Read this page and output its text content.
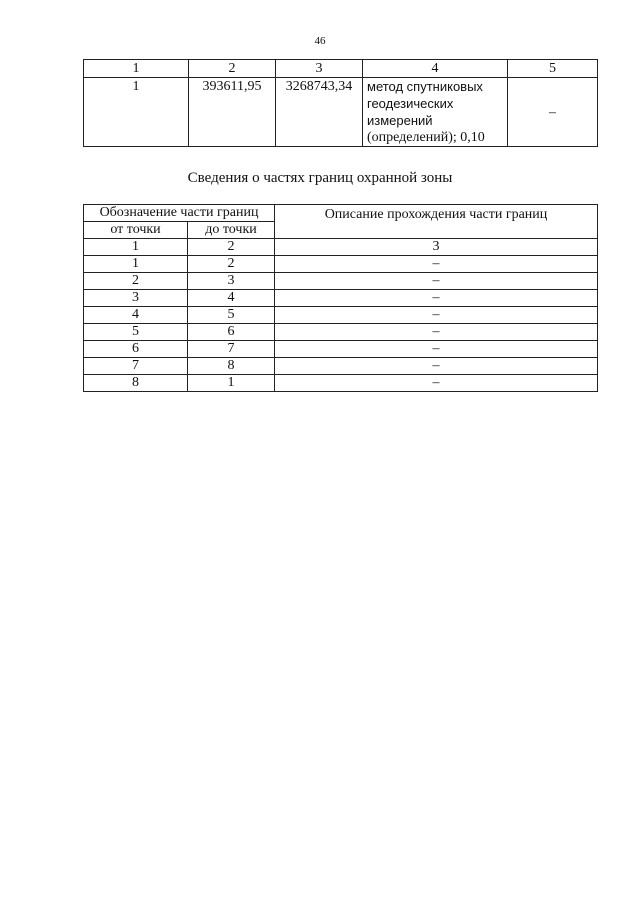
46
1	2	3	4	5
1	393611,95	3268743,34	метод спутниковых
геодезических
измерений
(определений); 0,10	–
Сведения о частях границ охранной зоны
Обозначение части границ		Описание прохождения части границ
от точки	до точки	
1	2	3
1	2	–
2	3	–
3	4	–
4	5	–
5	6	–
6	7	–
7	8	–
8	1	–
